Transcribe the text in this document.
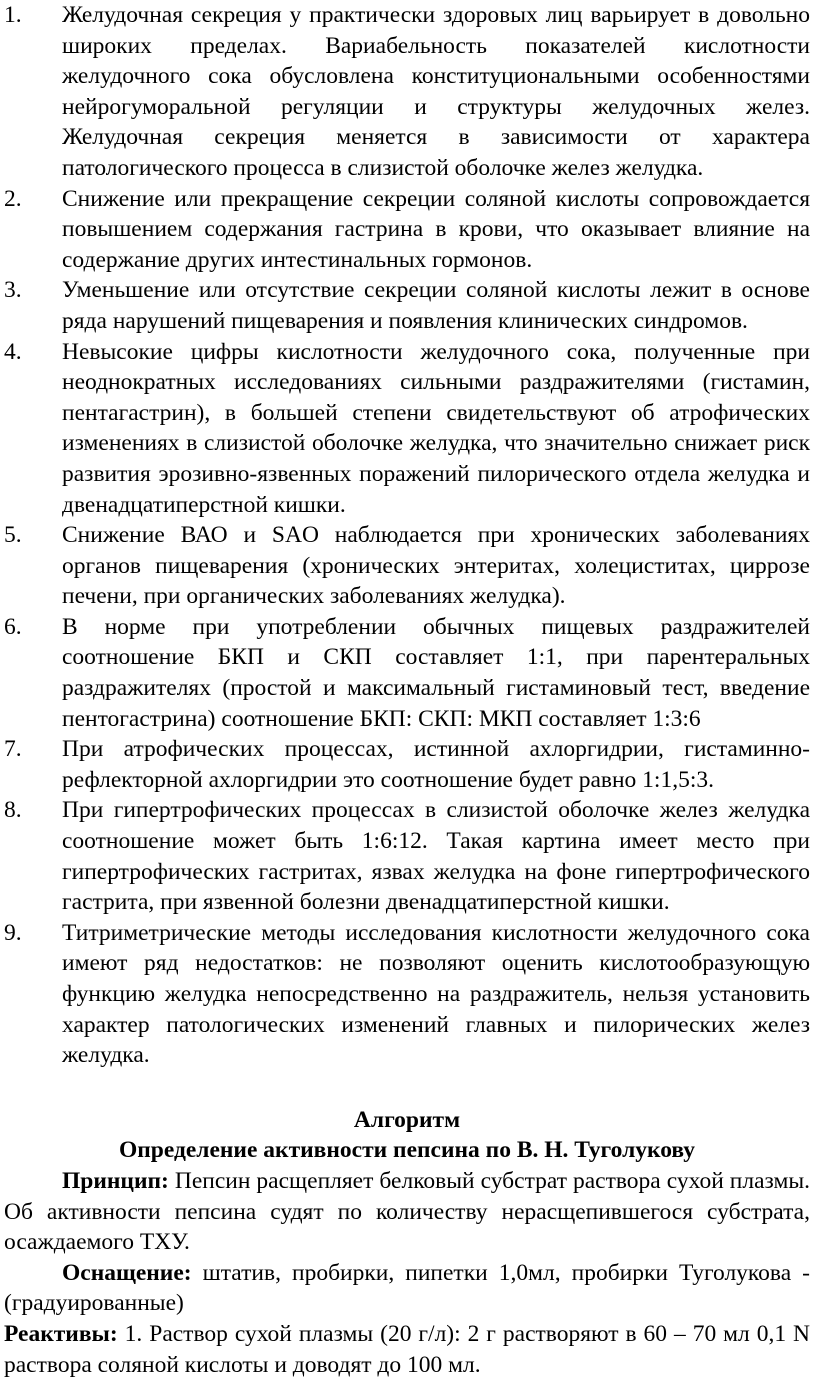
1. Желудочная секреция у практически здоровых лиц варьирует в довольно широких пределах. Вариабельность показателей кислотности желудочного сока обусловлена конституциональными особенностями нейрогуморальной регуляции и структуры желудочных желез. Желудочная секреция меняется в зависимости от характера патологического процесса в слизистой оболочке желез желудка.
2. Снижение или прекращение секреции соляной кислоты сопровождается повышением содержания гастрина в крови, что оказывает влияние на содержание других интестинальных гормонов.
3. Уменьшение или отсутствие секреции соляной кислоты лежит в основе ряда нарушений пищеварения и появления клинических синдромов.
4. Невысокие цифры кислотности желудочного сока, полученные при неоднократных исследованиях сильными раздражителями (гистамин, пентагастрин), в большей степени свидетельствуют об атрофических изменениях в слизистой оболочке желудка, что значительно снижает риск развития эрозивно-язвенных поражений пилорического отдела желудка и двенадцатиперстной кишки.
5. Снижение ВАО и SAO наблюдается при хронических заболеваниях органов пищеварения (хронических энтеритах, холециститах, циррозе печени, при органических заболеваниях желудка).
6. В норме при употреблении обычных пищевых раздражителей соотношение БКП и СКП составляет 1:1, при парентеральных раздражителях (простой и максимальный гистаминовый тест, введение пентогастрина) соотношение БКП: СКП: МКП составляет 1:3:6
7. При атрофических процессах, истинной ахлоргидрии, гистаминно-рефлекторной ахлоргидрии это соотношение будет равно 1:1,5:3.
8. При гипертрофических процессах в слизистой оболочке желез желудка соотношение может быть 1:6:12. Такая картина имеет место при гипертрофических гастритах, язвах желудка на фоне гипертрофического гастрита, при язвенной болезни двенадцатиперстной кишки.
9. Титриметрические методы исследования кислотности желудочного сока имеют ряд недостатков: не позволяют оценить кислотообразующую функцию желудка непосредственно на раздражитель, нельзя установить характер патологических изменений главных и пилорических желез желудка.
Алгоритм
Определение активности пепсина по В. Н. Туголукову
Принцип: Пепсин расщепляет белковый субстрат раствора сухой плазмы. Об активности пепсина судят по количеству нерасщепившегося субстрата, осаждаемого ТХУ.
Оснащение: штатив, пробирки, пипетки 1,0мл, пробирки Туголукова - (градуированные)
Реактивы: 1. Раствор сухой плазмы (20 г/л): 2 г растворяют в 60 – 70 мл 0,1 N раствора соляной кислоты и доводят до 100 мл.
